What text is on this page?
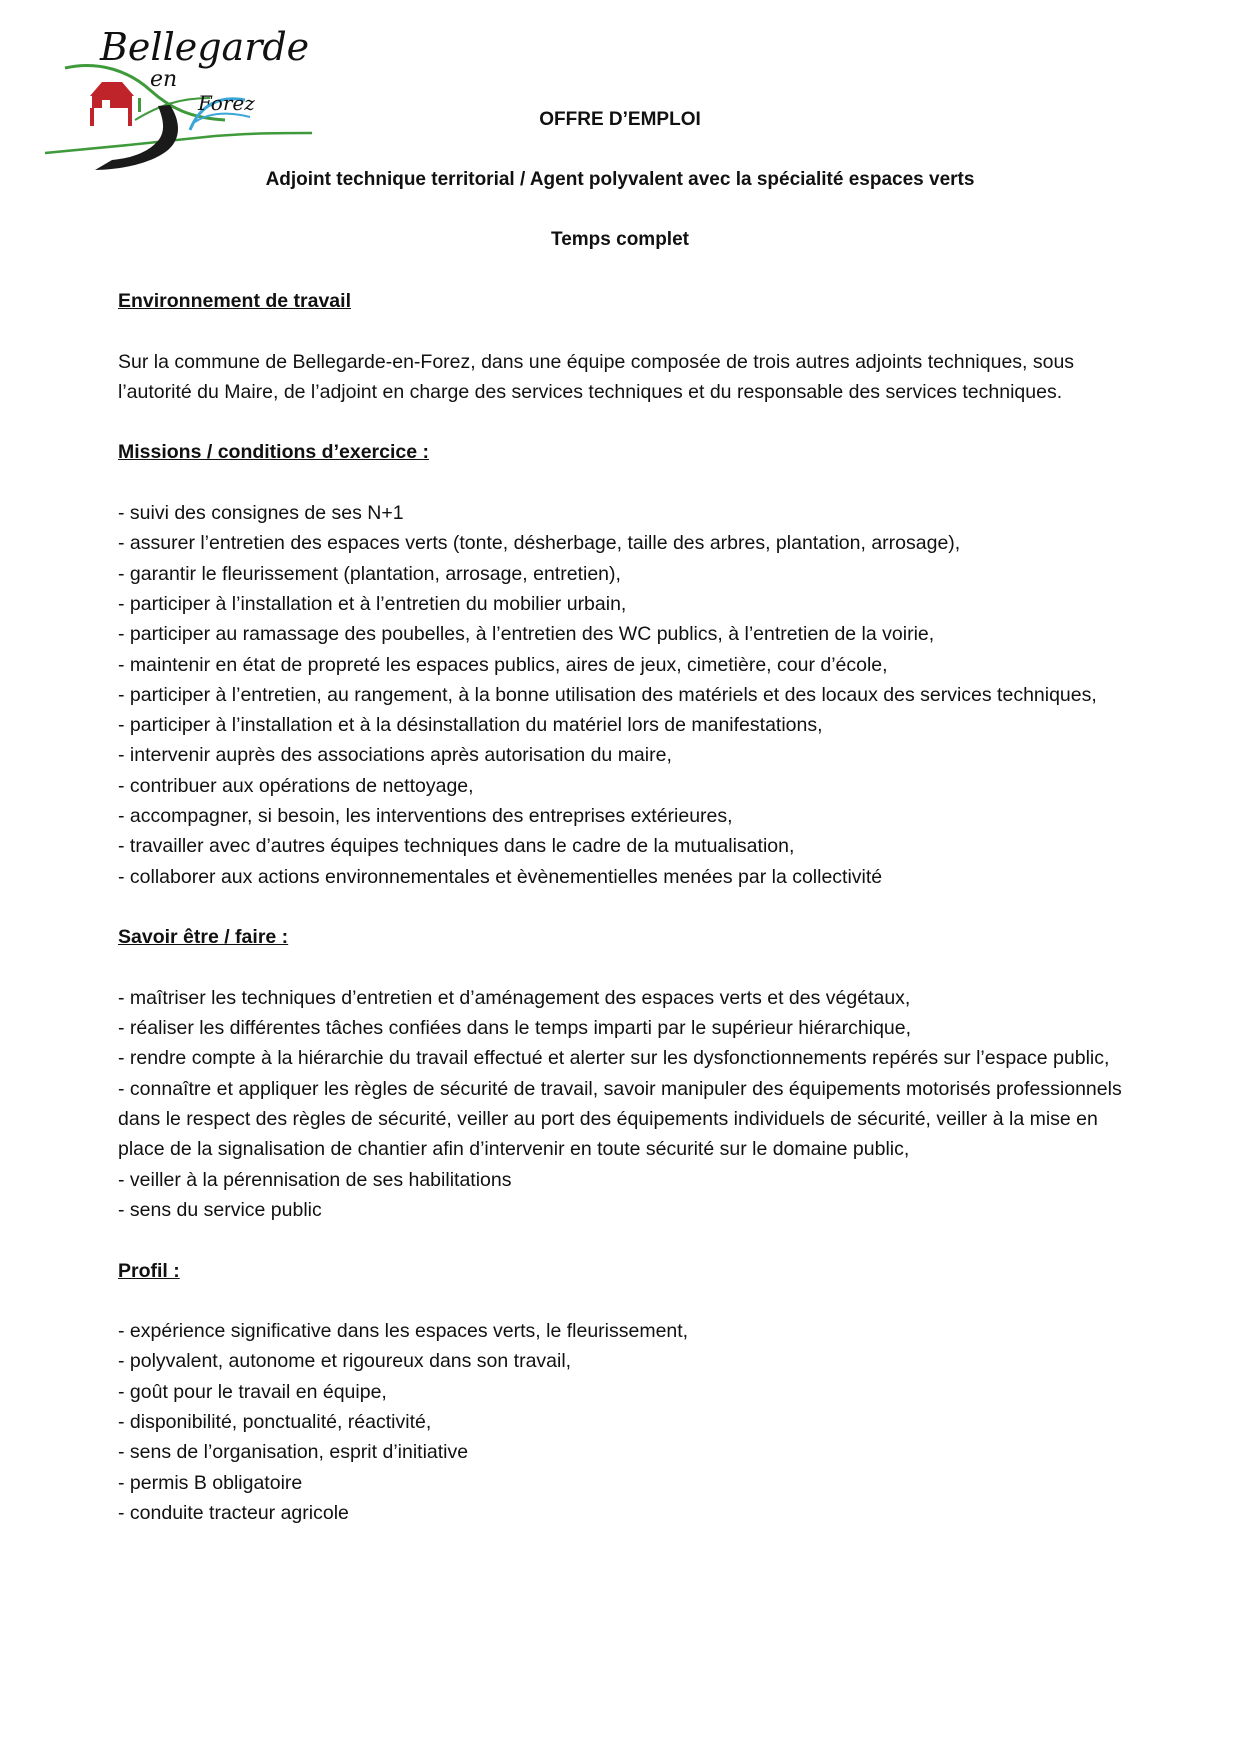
Bellegarde
en
Forez
OFFRE D’EMPLOI
Adjoint technique territorial / Agent polyvalent avec la spécialité espaces verts
Temps complet

Environnement de travail

Sur la commune de Bellegarde-en-Forez, dans une équipe composée de trois autres adjoints techniques, sous l’autorité du Maire, de l’adjoint en charge des services techniques et du responsable des services techniques.

Missions / conditions d’exercice :

- suivi des consignes de ses N+1

- assurer l’entretien des espaces verts (tonte, désherbage, taille des arbres, plantation, arrosage),

- garantir le fleurissement (plantation, arrosage, entretien),

- participer à l’installation et à l’entretien du mobilier urbain,

- participer au ramassage des poubelles, à l’entretien des WC publics, à l’entretien de la voirie,

- maintenir en état de propreté les espaces publics, aires de jeux, cimetière, cour d’école,

- participer à l’entretien, au rangement, à la bonne utilisation des matériels et des locaux des services techniques,

- participer à l’installation et à la désinstallation du matériel lors de manifestations,

- intervenir auprès des associations après autorisation du maire,

- contribuer aux opérations de nettoyage,

- accompagner, si besoin, les interventions des entreprises extérieures,

- travailler avec d’autres équipes techniques dans le cadre de la mutualisation,

- collaborer aux actions environnementales et èvènementielles menées par la collectivité

Savoir être / faire :

- maîtriser les techniques d’entretien et d’aménagement des espaces verts et des végétaux,

- réaliser les différentes tâches confiées dans le temps imparti par le supérieur hiérarchique,

- rendre compte à la hiérarchie du travail effectué et alerter sur les dysfonctionnements repérés sur l’espace public,

- connaître et appliquer les règles de sécurité de travail, savoir manipuler des équipements motorisés professionnels dans le respect des règles de sécurité, veiller au port des équipements individuels de sécurité, veiller à la mise en place de la signalisation de chantier afin d’intervenir en toute sécurité sur le domaine public,

- veiller à la pérennisation de ses habilitations

- sens du service public

Profil :

- expérience significative dans les espaces verts, le fleurissement,

- polyvalent, autonome et rigoureux dans son travail,

- goût pour le travail en équipe,

- disponibilité, ponctualité, réactivité,

- sens de l’organisation, esprit d’initiative

- permis B obligatoire

- conduite tracteur agricole
